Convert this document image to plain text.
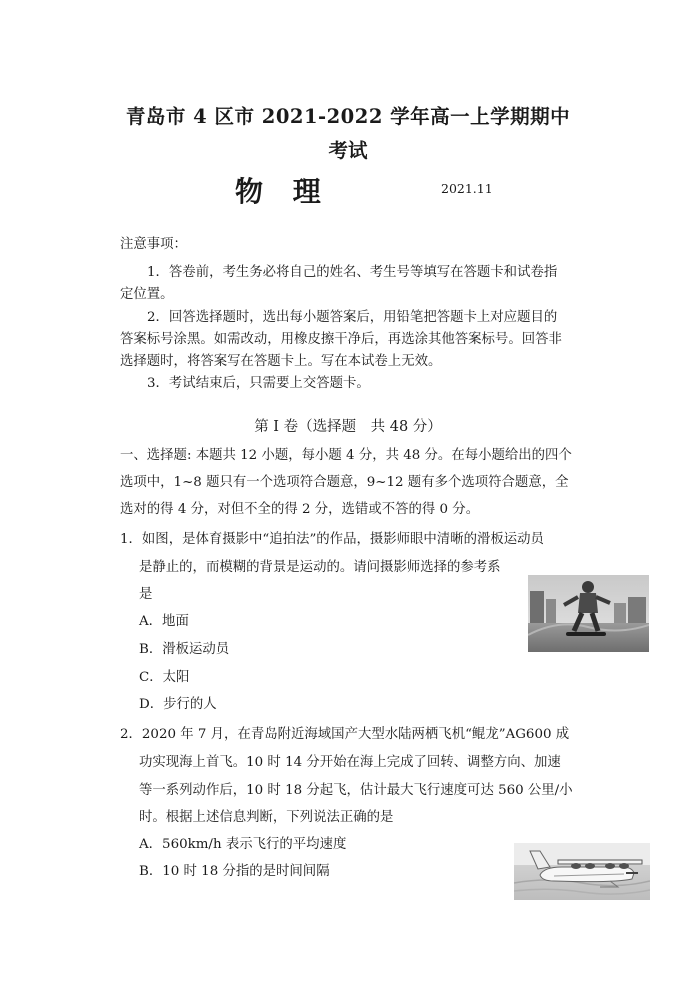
青岛市 4 区市 2021-2022 学年高一上学期期中
考试
物 理	2021.11
注意事项：
1．答卷前，考生务必将自己的姓名、考生号等填写在答题卡和试卷指
定位置。
2．回答选择题时，选出每小题答案后，用铅笔把答题卡上对应题目的
答案标号涂黑。如需改动，用橡皮擦干净后，再选涂其他答案标号。回答非
选择题时，将答案写在答题卡上。写在本试卷上无效。
3．考试结束后，只需要上交答题卡。
第 I 卷（选择题　共 48 分）
一、选择题: 本题共 12 小题，每小题 4 分，共 48 分。在每小题给出的四个
选项中，1~8 题只有一个选项符合题意，9~12 题有多个选项符合题意，全
选对的得 4 分，对但不全的得 2 分，选错或不答的得 0 分。
1．如图，是体育摄影中“追拍法”的作品，摄影师眼中清晰的滑板运动员
是静止的，而模糊的背景是运动的。请问摄影师选择的参考系
是
A．地面
B．滑板运动员
C．太阳
D．步行的人
2．2020 年 7 月，在青岛附近海域国产大型水陆两栖飞机“鲲龙”AG600 成
功实现海上首飞。10 时 14 分开始在海上完成了回转、调整方向、加速
等一系列动作后，10 时 18 分起飞，估计最大飞行速度可达 560 公里/小
时。根据上述信息判断，下列说法正确的是
A．560km/h 表示飞行的平均速度
B．10 时 18 分指的是时间间隔
